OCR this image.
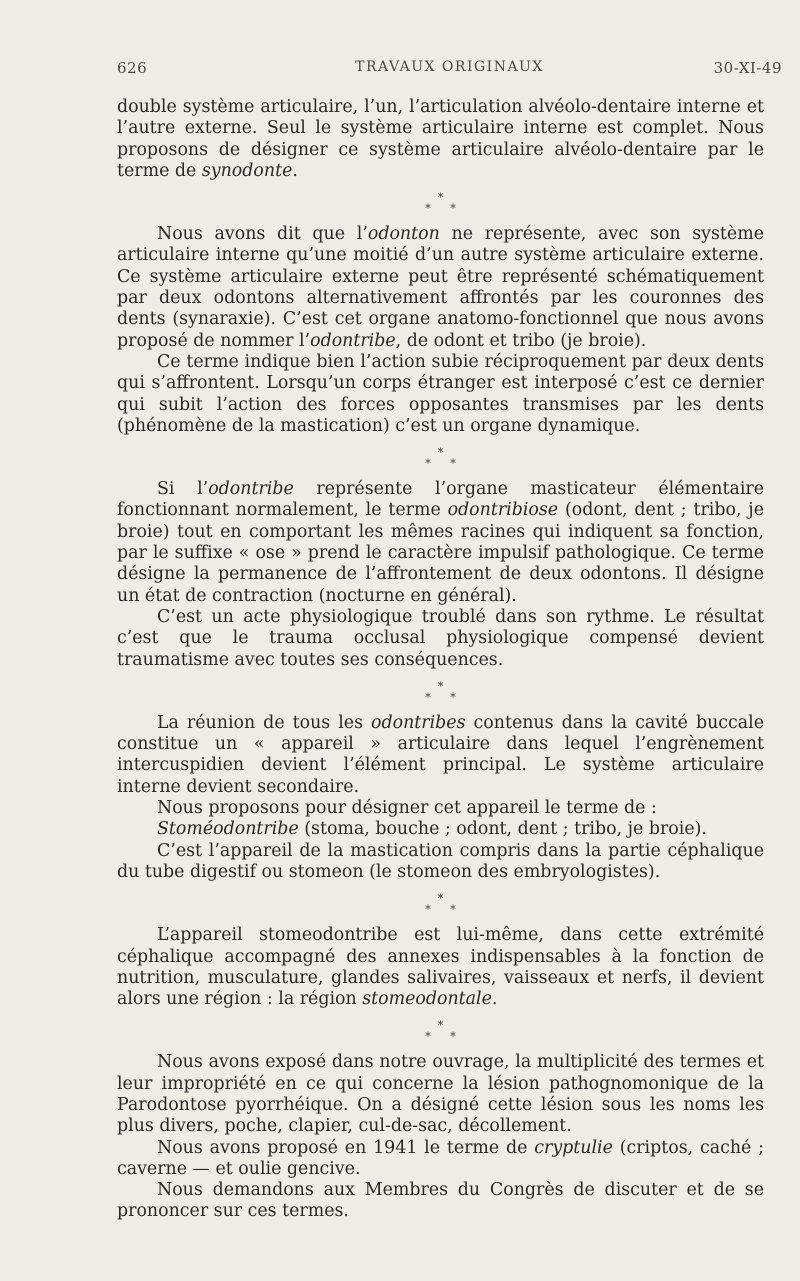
626	TRAVAUX ORIGINAUX	30-XI-49

double système articulaire, l’un, l’articulation alvéolo-dentaire interne et l’autre externe. Seul le système articulaire interne est complet. Nous proposons de désigner ce système articulaire alvéolo-dentaire par le terme de synodonte.

*
* *

Nous avons dit que l’odonton ne représente, avec son système articulaire interne qu’une moitié d’un autre système articulaire externe. Ce système articulaire externe peut être représenté schématiquement par deux odontons alternativement affrontés par les couronnes des dents (synaraxie). C’est cet organe anatomo-fonctionnel que nous avons proposé de nommer l’odontribe, de odont et tribo (je broie).

Ce terme indique bien l’action subie réciproquement par deux dents qui s’affrontent. Lorsqu’un corps étranger est interposé c’est ce dernier qui subit l’action des forces opposantes transmises par les dents (phénomène de la mastication) c’est un organe dynamique.

*
* *

Si l’odontribe représente l’organe masticateur élémentaire fonctionnant normalement, le terme odontribiose (odont, dent ; tribo, je broie) tout en comportant les mêmes racines qui indiquent sa fonction, par le suffixe « ose » prend le caractère impulsif pathologique. Ce terme désigne la permanence de l’affrontement de deux odontons. Il désigne un état de contraction (nocturne en général).

C’est un acte physiologique troublé dans son rythme. Le résultat c’est que le trauma occlusal physiologique compensé devient traumatisme avec toutes ses conséquences.

*
* *

La réunion de tous les odontribes contenus dans la cavité buccale constitue un « appareil » articulaire dans lequel l’engrènement intercuspidien devient l’élément principal. Le système articulaire interne devient secondaire.

Nous proposons pour désigner cet appareil le terme de :

Stoméodontribe (stoma, bouche ; odont, dent ; tribo, je broie).

C’est l’appareil de la mastication compris dans la partie céphalique du tube digestif ou stomeon (le stomeon des embryologistes).

*
* *

L’appareil stomeodontribe est lui-même, dans cette extrémité céphalique accompagné des annexes indispensables à la fonction de nutrition, musculature, glandes salivaires, vaisseaux et nerfs, il devient alors une région : la région stomeodontale.

*
* *

Nous avons exposé dans notre ouvrage, la multiplicité des termes et leur impropriété en ce qui concerne la lésion pathognomonique de la Parodontose pyorrhéique. On a désigné cette lésion sous les noms les plus divers, poche, clapier, cul-de-sac, décollement.

Nous avons proposé en 1941 le terme de cryptulie (criptos, caché ; caverne — et oulie gencive.

Nous demandons aux Membres du Congrès de discuter et de se prononcer sur ces termes.
